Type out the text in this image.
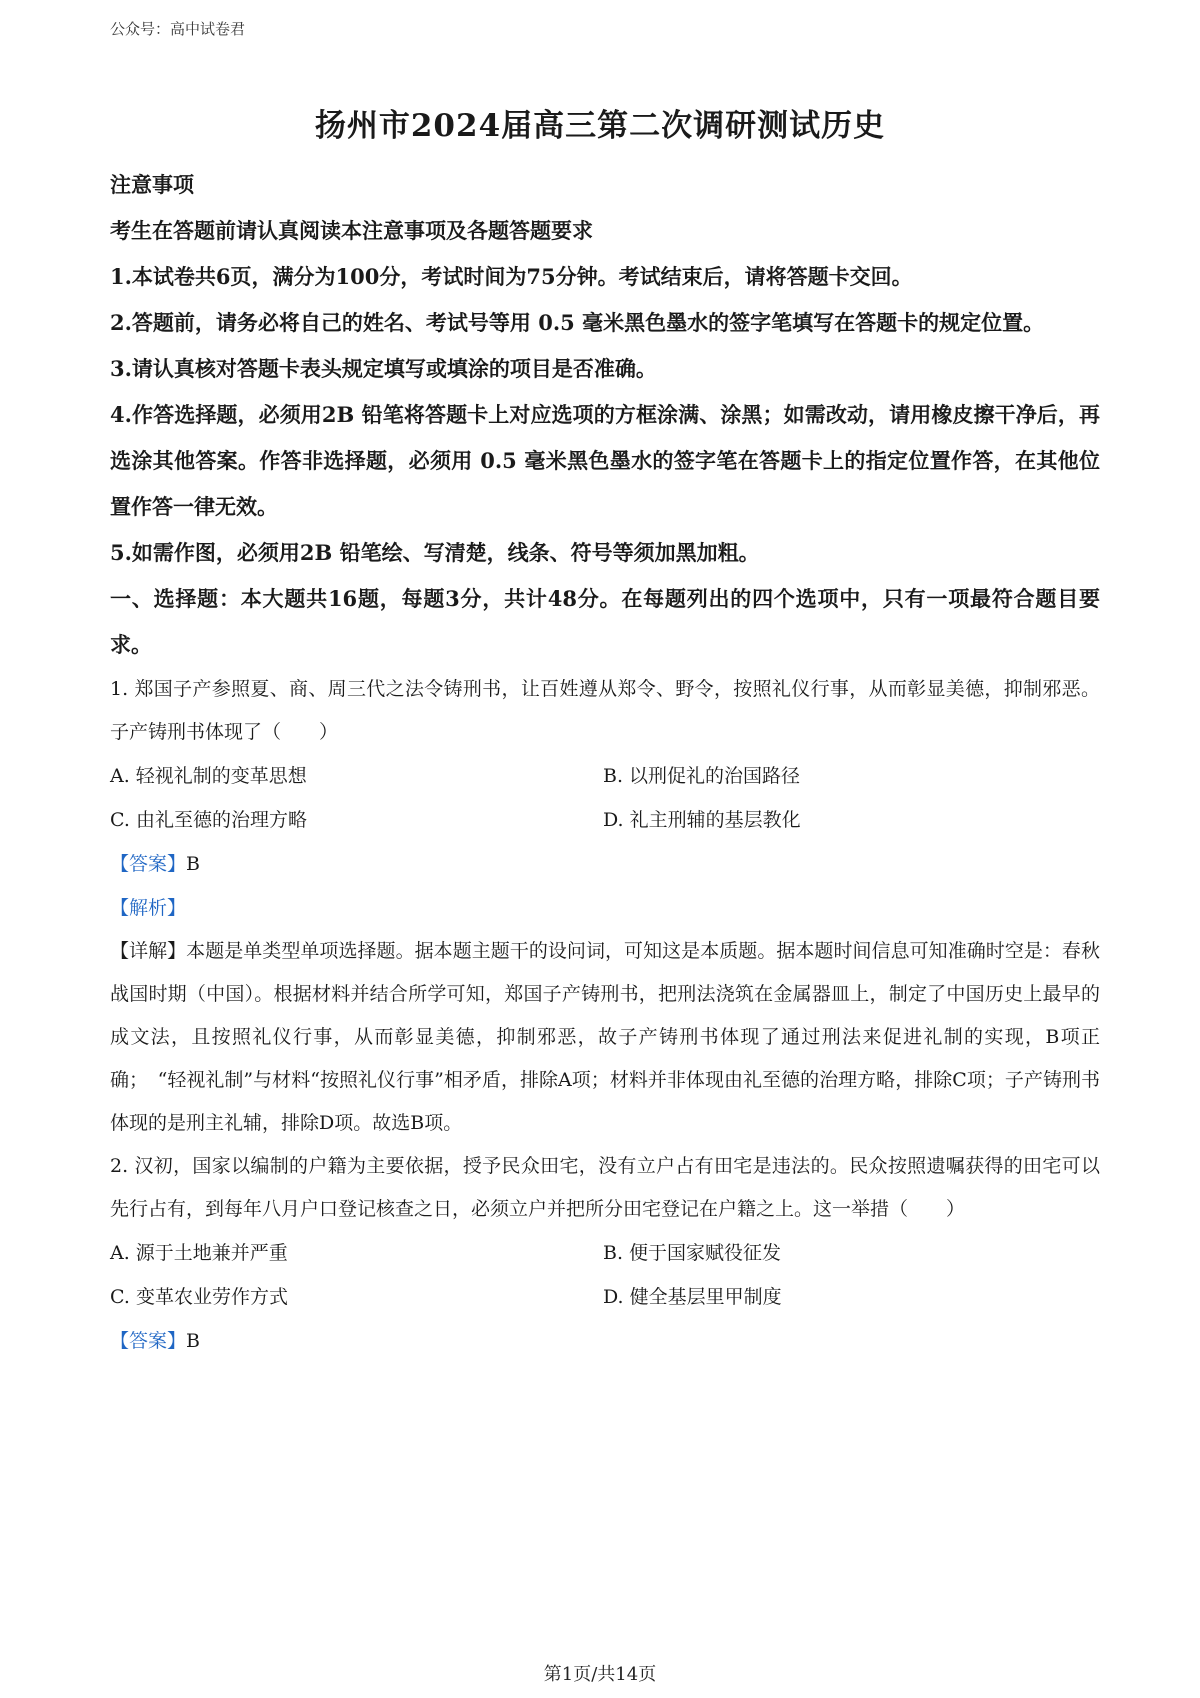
公众号：高中试卷君
扬州市2024届高三第二次调研测试历史
注意事项
考生在答题前请认真阅读本注意事项及各题答题要求
1.本试卷共6页，满分为100分，考试时间为75分钟。考试结束后，请将答题卡交回。
2.答题前，请务必将自己的姓名、考试号等用 0.5 毫米黑色墨水的签字笔填写在答题卡的规定位置。
3.请认真核对答题卡表头规定填写或填涂的项目是否准确。
4.作答选择题，必须用2B 铅笔将答题卡上对应选项的方框涂满、涂黑；如需改动，请用橡皮擦干净后，再选涂其他答案。作答非选择题，必须用 0.5 毫米黑色墨水的签字笔在答题卡上的指定位置作答，在其他位置作答一律无效。
5.如需作图，必须用2B 铅笔绘、写清楚，线条、符号等须加黑加粗。
一、选择题：本大题共16题，每题3分，共计48分。在每题列出的四个选项中，只有一项最符合题目要求。
1. 郑国子产参照夏、商、周三代之法令铸刑书，让百姓遵从郑令、野令，按照礼仪行事，从而彰显美德，抑制邪恶。子产铸刑书体现了（　　）
A. 轻视礼制的变革思想	B. 以刑促礼的治国路径
C. 由礼至德的治理方略	D. 礼主刑辅的基层教化
【答案】B
【解析】
【详解】本题是单类型单项选择题。据本题主题干的设问词，可知这是本质题。据本题时间信息可知准确时空是：春秋战国时期（中国）。根据材料并结合所学可知，郑国子产铸刑书，把刑法浇筑在金属器皿上，制定了中国历史上最早的成文法，且按照礼仪行事，从而彰显美德，抑制邪恶，故子产铸刑书体现了通过刑法来促进礼制的实现，B项正确；　“轻视礼制”与材料“按照礼仪行事”相矛盾，排除A项；材料并非体现由礼至德的治理方略，排除C项；子产铸刑书体现的是刑主礼辅，排除D项。故选B项。
2. 汉初，国家以编制的户籍为主要依据，授予民众田宅，没有立户占有田宅是违法的。民众按照遗嘱获得的田宅可以先行占有，到每年八月户口登记核查之日，必须立户并把所分田宅登记在户籍之上。这一举措（　　）
A. 源于土地兼并严重	B. 便于国家赋役征发
C. 变革农业劳作方式	D. 健全基层里甲制度
【答案】B
第1页/共14页
